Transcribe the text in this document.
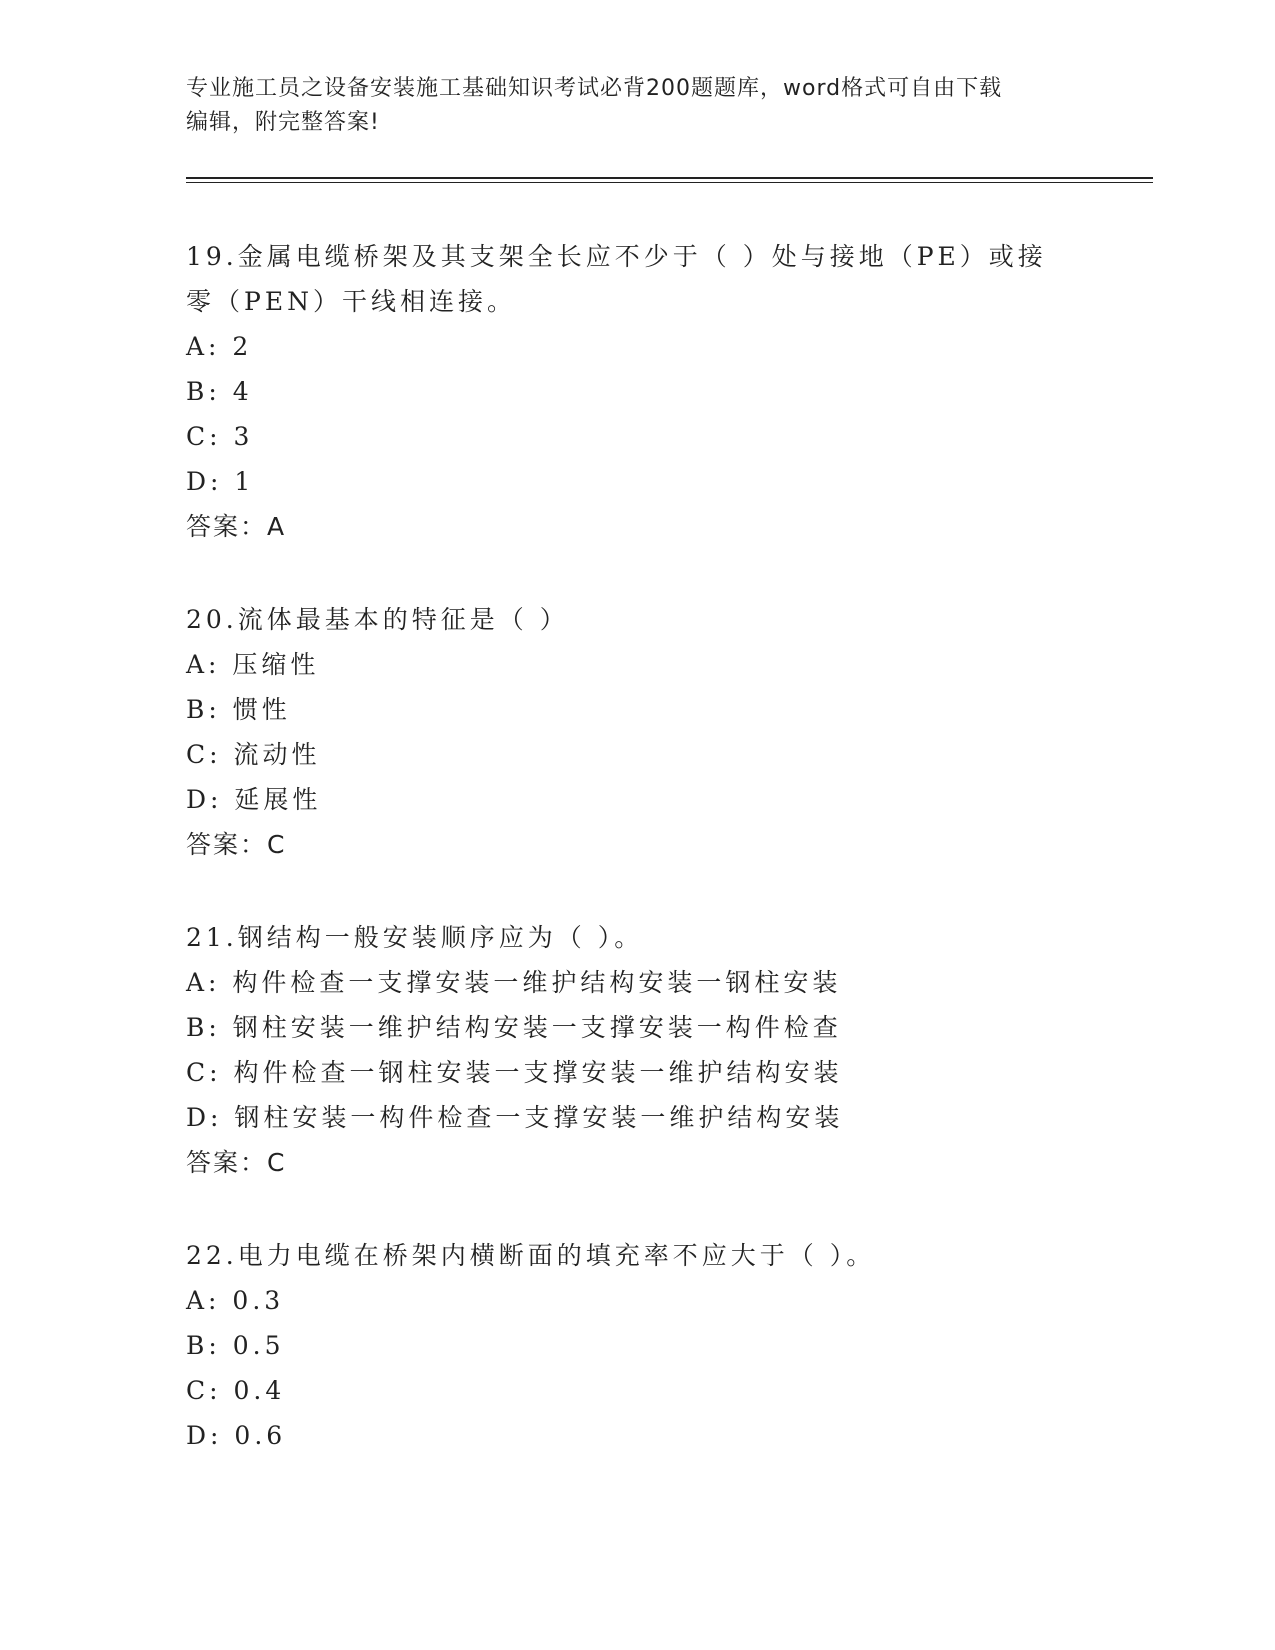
专业施工员之设备安装施工基础知识考试必背200题题库，word格式可自由下载
编辑，附完整答案!
19.金属电缆桥架及其支架全长应不少于（ ）处与接地（PE）或接零（PEN）干线相连接。
A: 2
B: 4
C: 3
D: 1
答案：A
20.流体最基本的特征是（ ）
A: 压缩性
B: 惯性
C: 流动性
D: 延展性
答案：C
21.钢结构一般安装顺序应为（ ）。
A: 构件检查一支撑安装一维护结构安装一钢柱安装
B: 钢柱安装一维护结构安装一支撑安装一构件检查
C: 构件检查一钢柱安装一支撑安装一维护结构安装
D: 钢柱安装一构件检查一支撑安装一维护结构安装
答案：C
22.电力电缆在桥架内横断面的填充率不应大于（ ）。
A: 0.3
B: 0.5
C: 0.4
D: 0.6
